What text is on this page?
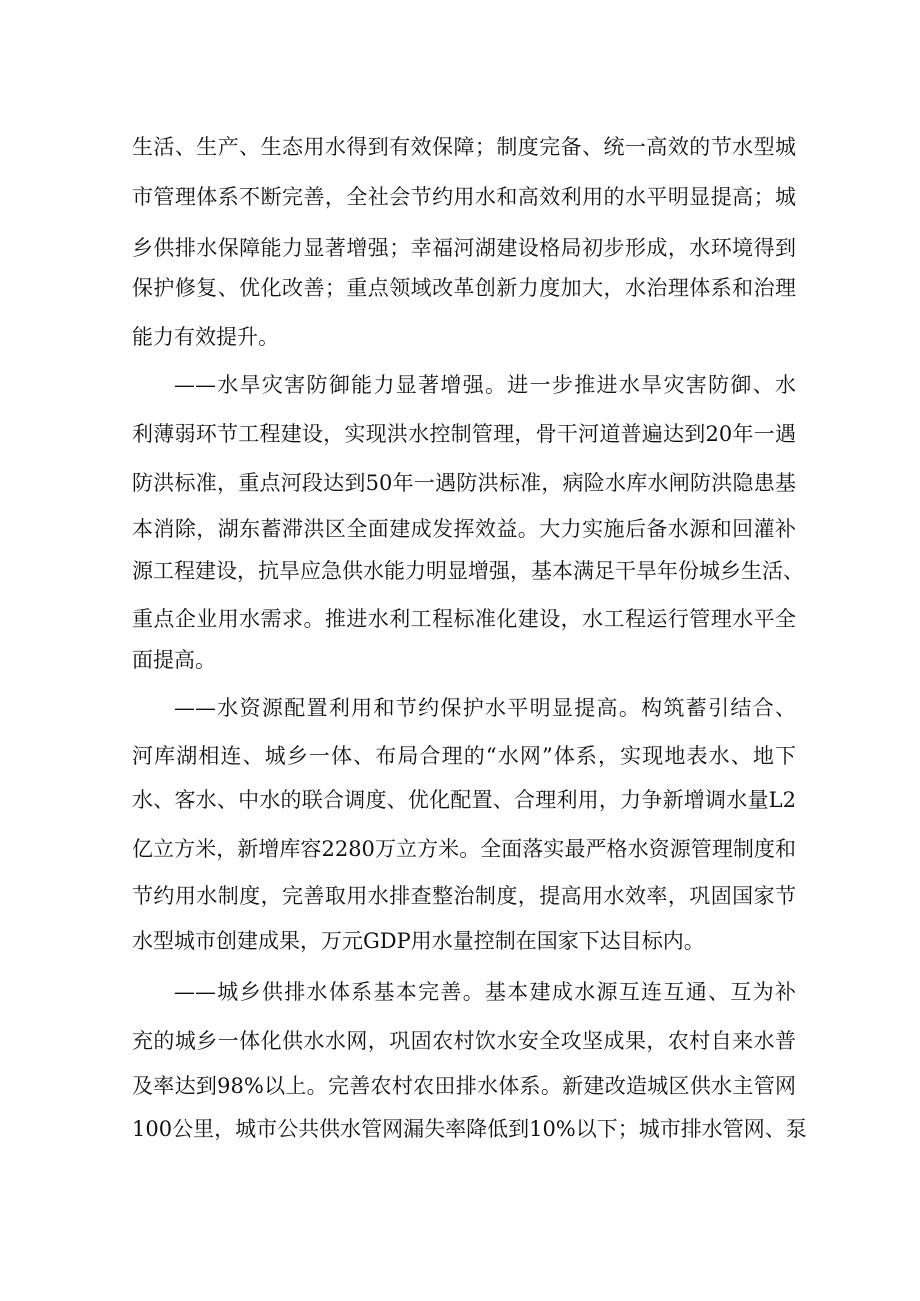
生活、生产、生态用水得到有效保障；制度完备、统一高效的节水型城
市管理体系不断完善，全社会节约用水和高效利用的水平明显提高；城
乡供排水保障能力显著增强；幸福河湖建设格局初步形成，水环境得到
保护修复、优化改善；重点领域改革创新力度加大，水治理体系和治理
能力有效提升。
——水旱灾害防御能力显著增强。进一步推进水旱灾害防御、水
利薄弱环节工程建设，实现洪水控制管理，骨干河道普遍达到20年一遇
防洪标准，重点河段达到50年一遇防洪标准，病险水库水闸防洪隐患基
本消除，湖东蓄滞洪区全面建成发挥效益。大力实施后备水源和回灌补
源工程建设，抗旱应急供水能力明显增强，基本满足干旱年份城乡生活、
重点企业用水需求。推进水利工程标准化建设，水工程运行管理水平全
面提高。
——水资源配置利用和节约保护水平明显提高。构筑蓄引结合、
河库湖相连、城乡一体、布局合理的“水网”体系，实现地表水、地下
水、客水、中水的联合调度、优化配置、合理利用，力争新增调水量L2
亿立方米，新增库容2280万立方米。全面落实最严格水资源管理制度和
节约用水制度，完善取用水排查整治制度，提高用水效率，巩固国家节
水型城市创建成果，万元GDP用水量控制在国家下达目标内。
——城乡供排水体系基本完善。基本建成水源互连互通、互为补
充的城乡一体化供水水网，巩固农村饮水安全攻坚成果，农村自来水普
及率达到98%以上。完善农村农田排水体系。新建改造城区供水主管网
100公里，城市公共供水管网漏失率降低到10%以下；城市排水管网、泵
